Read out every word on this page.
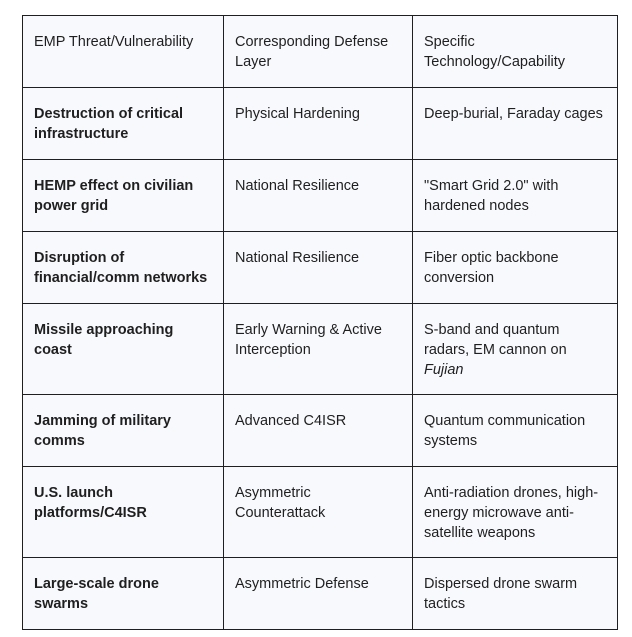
EMP Threat/Vulnerability	Corresponding Defense Layer	Specific Technology/Capability
Destruction of critical infrastructure	Physical Hardening	Deep-burial, Faraday cages
HEMP effect on civilian power grid	National Resilience	"Smart Grid 2.0" with hardened nodes
Disruption of financial/comm networks	National Resilience	Fiber optic backbone conversion
Missile approaching coast	Early Warning & Active Interception	S-band and quantum radars, EM cannon on Fujian
Jamming of military comms	Advanced C4ISR	Quantum communication systems
U.S. launch platforms/C4ISR	Asymmetric Counterattack	Anti-radiation drones, high-energy microwave anti-satellite weapons
Large-scale drone swarms	Asymmetric Defense	Dispersed drone swarm tactics
